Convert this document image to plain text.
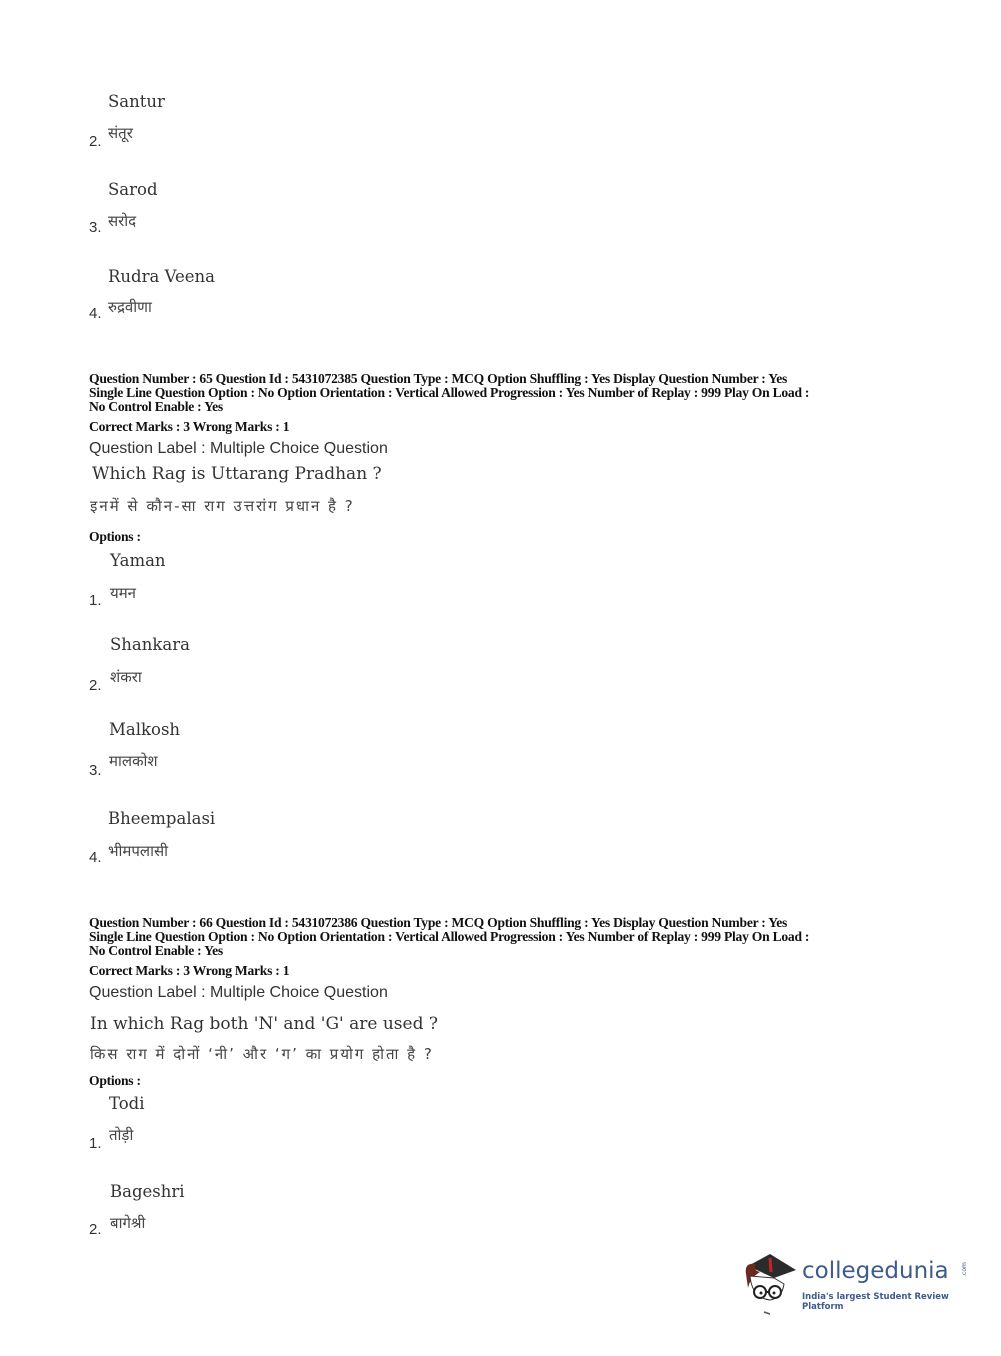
Santur
संतूर
2.
Sarod
सरोद
3.
Rudra Veena
रुद्रवीणा
4.
Question Number : 65 Question Id : 5431072385 Question Type : MCQ Option Shuffling : Yes Display Question Number : Yes
Single Line Question Option : No Option Orientation : Vertical Allowed Progression : Yes Number of Replay : 999 Play On Load :
No Control Enable : Yes
Correct Marks : 3 Wrong Marks : 1
Question Label : Multiple Choice Question
Which Rag is Uttarang Pradhan ?
इनमें से कौन-सा राग उत्तरांग प्रधान है ?
Options :
Yaman
यमन
1.
Shankara
शंकरा
2.
Malkosh
मालकोश
3.
Bheempalasi
भीमपलासी
4.
Question Number : 66 Question Id : 5431072386 Question Type : MCQ Option Shuffling : Yes Display Question Number : Yes
Single Line Question Option : No Option Orientation : Vertical Allowed Progression : Yes Number of Replay : 999 Play On Load :
No Control Enable : Yes
Correct Marks : 3 Wrong Marks : 1
Question Label : Multiple Choice Question
In which Rag both 'N' and 'G' are used ?
किस राग में दोनों ‘नी’ और ‘ग’ का प्रयोग होता है ?
Options :
Todi
तोड़ी
1.
Bageshri
बागेश्री
2.
collegedunia .com
India's largest Student Review Platform
